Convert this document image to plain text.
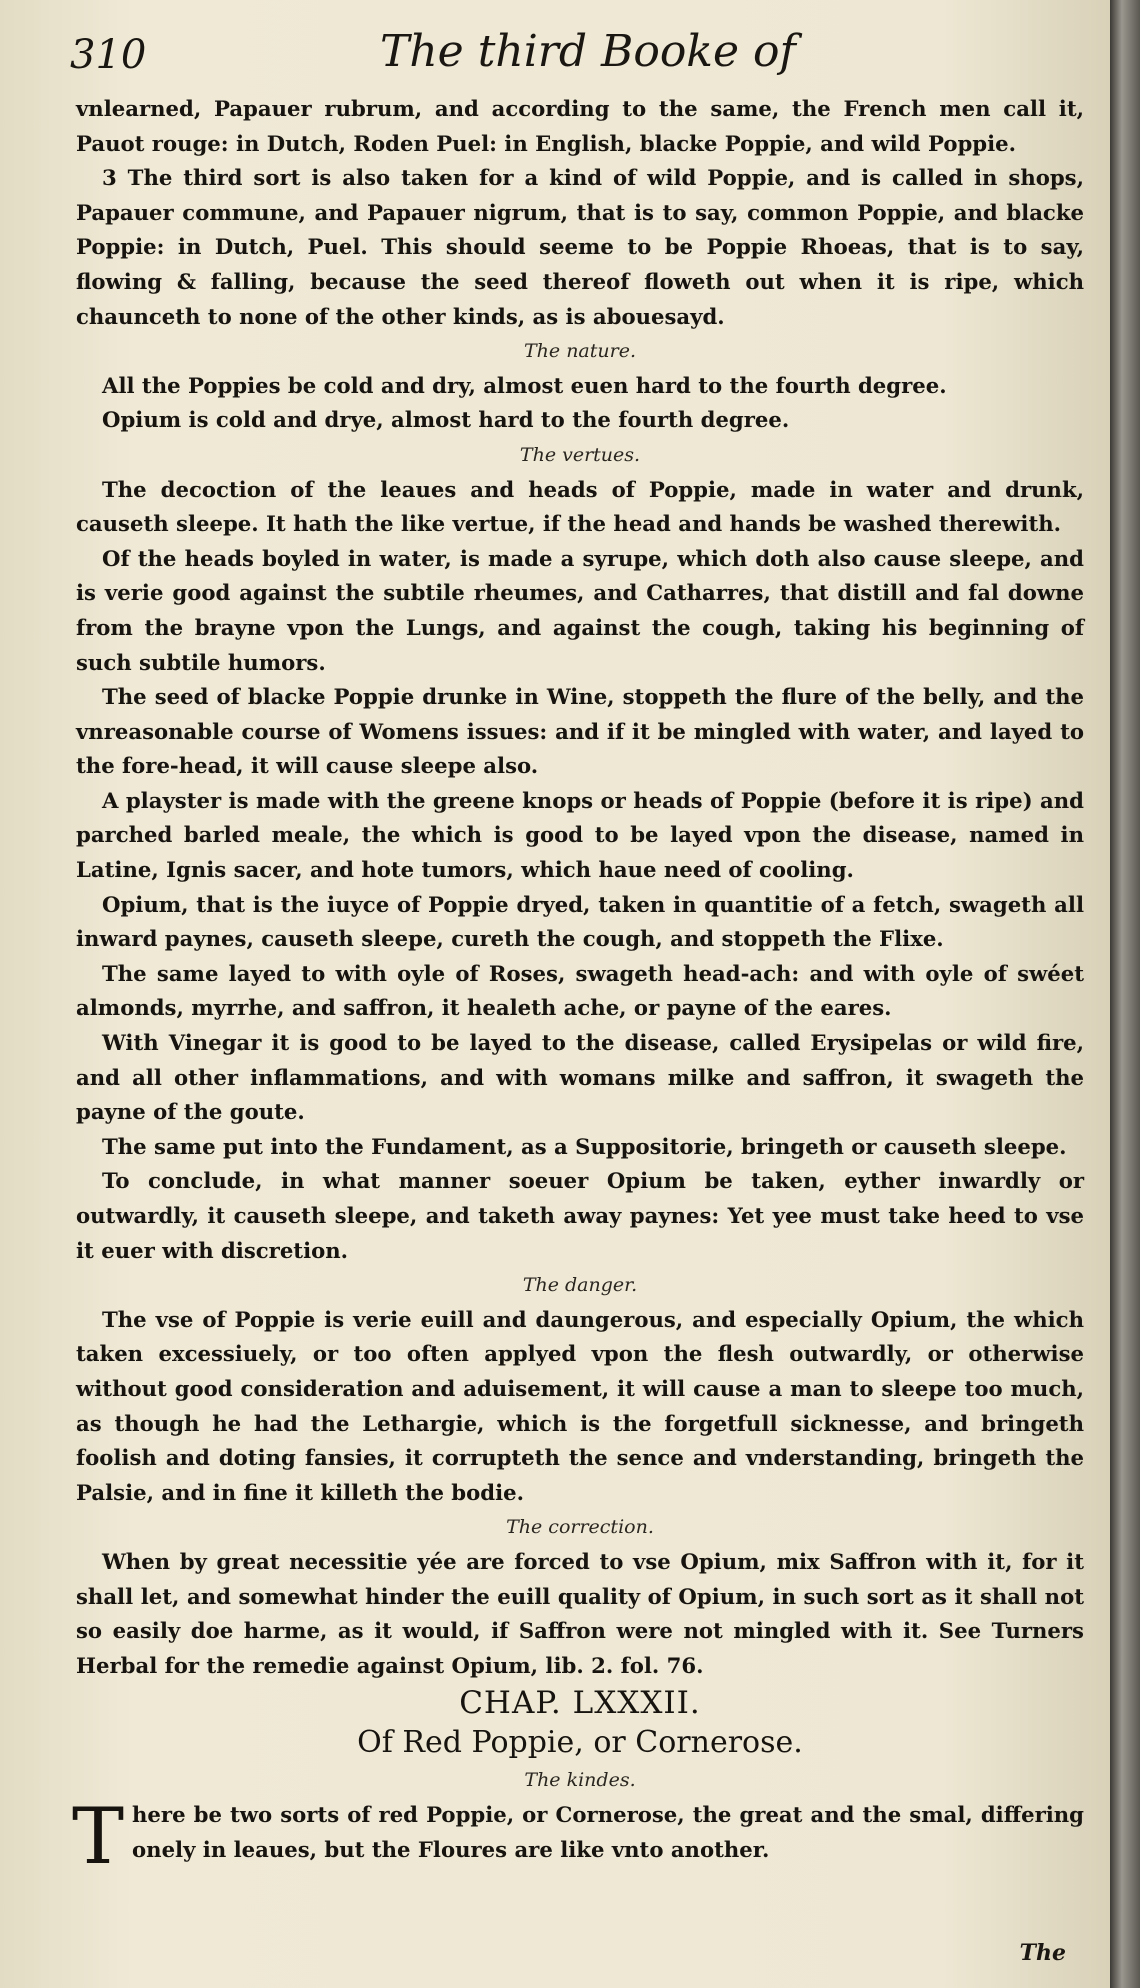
310	The third Booke of

vnlearned, Papauer rubrum, and according to the same, the French men call it, Pauot rouge: in Dutch, Roden Puel: in English, blacke Poppie, and wild Poppie.

3 The third sort is also taken for a kind of wild Poppie, and is called in shops, Papauer commune, and Papauer nigrum, that is to say, common Poppie, and blacke Poppie: in Dutch, Puel. This should seeme to be Poppie Rhoeas, that is to say, flowing & falling, because the seed thereof floweth out when it is ripe, which chaunceth to none of the other kinds, as is abouesayd.

The nature.

All the Poppies be cold and dry, almost euen hard to the fourth degree.

Opium is cold and drye, almost hard to the fourth degree.

The vertues.

The decoction of the leaues and heads of Poppie, made in water and drunk, causeth sleepe. It hath the like vertue, if the head and hands be washed therewith.

Of the heads boyled in water, is made a syrupe, which doth also cause sleepe, and is verie good against the subtile rheumes, and Catharres, that distill and fal downe from the brayne vpon the Lungs, and against the cough, taking his beginning of such subtile humors.

The seed of blacke Poppie drunke in Wine, stoppeth the flure of the belly, and the vnreasonable course of Womens issues: and if it be mingled with water, and layed to the fore-head, it will cause sleepe also.

A playster is made with the greene knops or heads of Poppie (before it is ripe) and parched barled meale, the which is good to be layed vpon the disease, named in Latine, Ignis sacer, and hote tumors, which haue need of cooling.

Opium, that is the iuyce of Poppie dryed, taken in quantitie of a fetch, swageth all inward paynes, causeth sleepe, cureth the cough, and stoppeth the Flixe.

The same layed to with oyle of Roses, swageth head-ach: and with oyle of swéet almonds, myrrhe, and saffron, it healeth ache, or payne of the eares.

With Vinegar it is good to be layed to the disease, called Erysipelas or wild fire, and all other inflammations, and with womans milke and saffron, it swageth the payne of the goute.

The same put into the Fundament, as a Suppositorie, bringeth or causeth sleepe.

To conclude, in what manner soeuer Opium be taken, eyther inwardly or outwardly, it causeth sleepe, and taketh away paynes: Yet yee must take heed to vse it euer with discretion.

The danger.

The vse of Poppie is verie euill and daungerous, and especially Opium, the which taken excessiuely, or too often applyed vpon the flesh outwardly, or otherwise without good consideration and aduisement, it will cause a man to sleepe too much, as though he had the Lethargie, which is the forgetfull sicknesse, and bringeth foolish and doting fansies, it corrupteth the sence and vnderstanding, bringeth the Palsie, and in fine it killeth the bodie.

The correction.

When by great necessitie yée are forced to vse Opium, mix Saffron with it, for it shall let, and somewhat hinder the euill quality of Opium, in such sort as it shall not so easily doe harme, as it would, if Saffron were not mingled with it. See Turners Herbal for the remedie against Opium, lib. 2. fol. 76.

CHAP. LXXXII.

Of Red Poppie, or Cornerose.

The kindes.

There be two sorts of red Poppie, or Cornerose, the great and the smal, differing onely in leaues, but the Floures are like vnto another.

The
